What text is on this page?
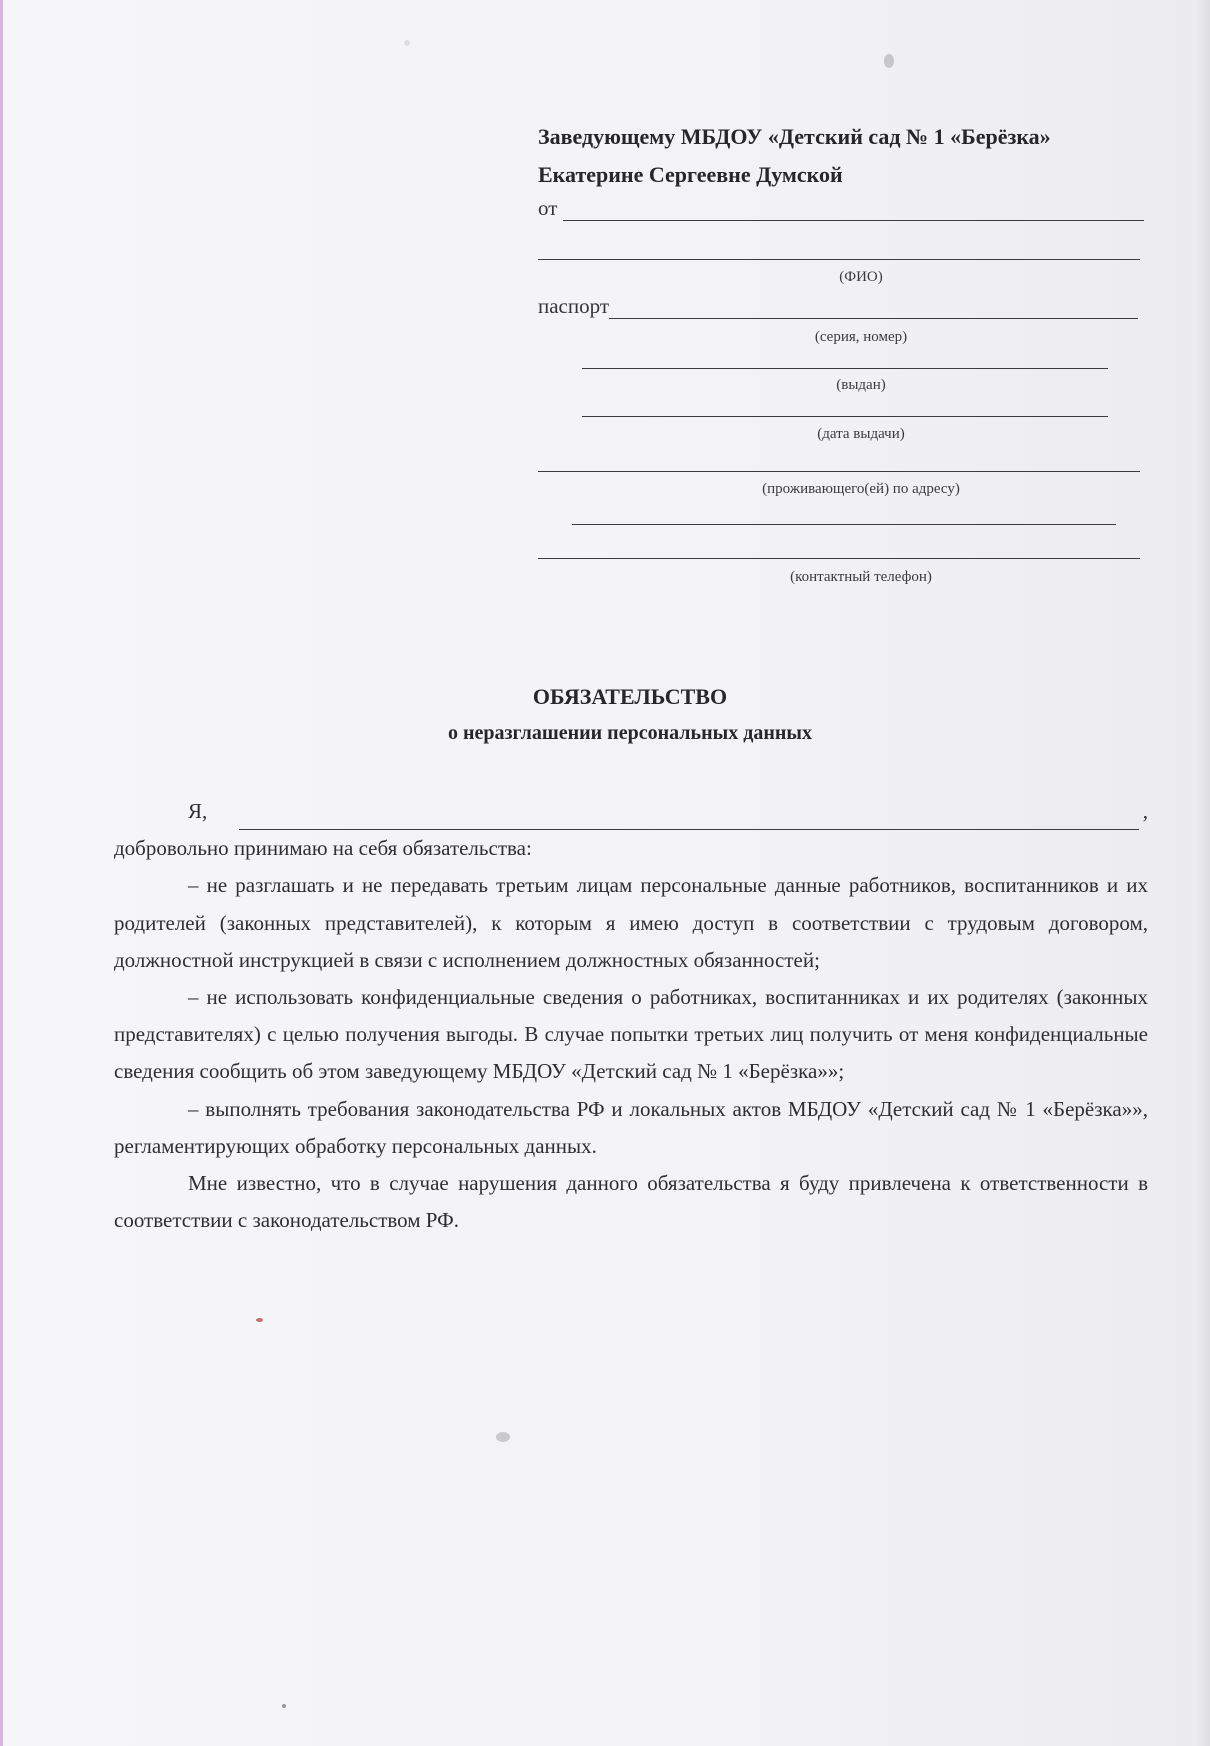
Заведующему МБДОУ «Детский сад № 1 «Берёзка»
Екатерине Сергеевне Думской
от
(ФИО)
паспорт
(серия, номер)
(выдан)
(дата выдачи)
(проживающего(ей) по адресу)
(контактный телефон)
ОБЯЗАТЕЛЬСТВО
о неразглашении персональных данных
Я,	,

добровольно принимаю на себя обязательства:

– не разглашать и не передавать третьим лицам персональные данные работников, воспитанников и их родителей (законных представителей), к которым я имею доступ в соответствии с трудовым договором, должностной инструкцией в связи с исполнением должностных обязанностей;

– не использовать конфиденциальные сведения о работниках, воспитанниках и их родителях (законных представителях) с целью получения выгоды. В случае попытки третьих лиц получить от меня конфиденциальные сведения сообщить об этом заведующему МБДОУ «Детский сад № 1 «Берёзка»»;

– выполнять требования законодательства РФ и локальных актов МБДОУ «Детский сад № 1 «Берёзка»», регламентирующих обработку персональных данных.

Мне известно, что в случае нарушения данного обязательства я буду привлечена к ответственности в соответствии с законодательством РФ.
